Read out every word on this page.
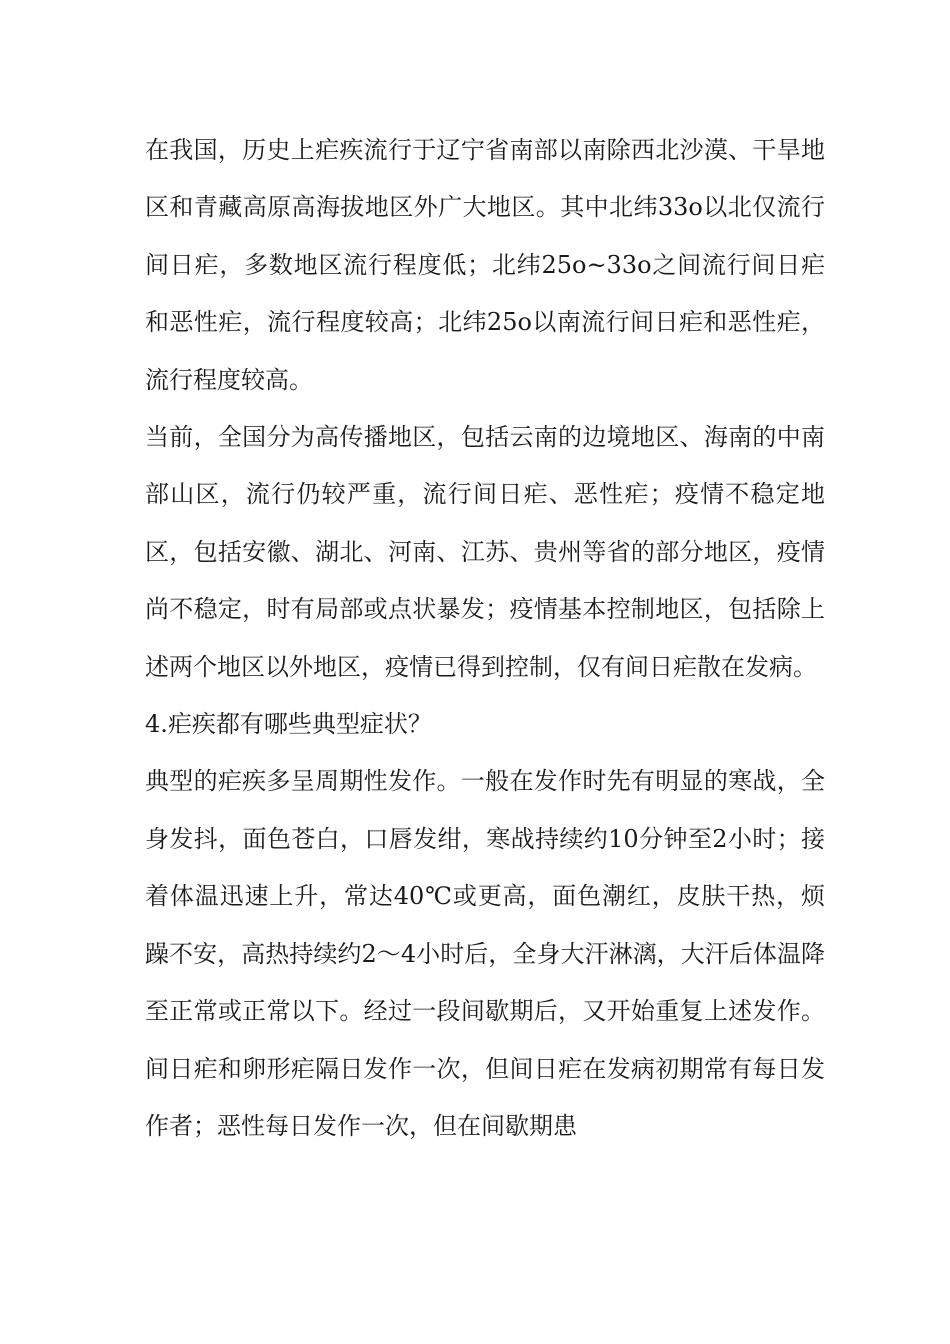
在我国，历史上疟疾流行于辽宁省南部以南除西北沙漠、干旱地区和青藏高原高海拔地区外广大地区。其中北纬33o以北仅流行间日疟，多数地区流行程度低；北纬25o~33o之间流行间日疟和恶性疟，流行程度较高；北纬25o以南流行间日疟和恶性疟，流行程度较高。

当前，全国分为高传播地区，包括云南的边境地区、海南的中南部山区，流行仍较严重，流行间日疟、恶性疟；疫情不稳定地区，包括安徽、湖北、河南、江苏、贵州等省的部分地区，疫情尚不稳定，时有局部或点状暴发；疫情基本控制地区，包括除上述两个地区以外地区，疫情已得到控制，仅有间日疟散在发病。

4.疟疾都有哪些典型症状？

典型的疟疾多呈周期性发作。一般在发作时先有明显的寒战，全身发抖，面色苍白，口唇发绀，寒战持续约10分钟至2小时；接着体温迅速上升，常达40℃或更高，面色潮红，皮肤干热，烦躁不安，高热持续约2～4小时后，全身大汗淋漓，大汗后体温降至正常或正常以下。经过一段间歇期后，又开始重复上述发作。间日疟和卵形疟隔日发作一次，但间日疟在发病初期常有每日发作者；恶性每日发作一次，但在间歇期患
